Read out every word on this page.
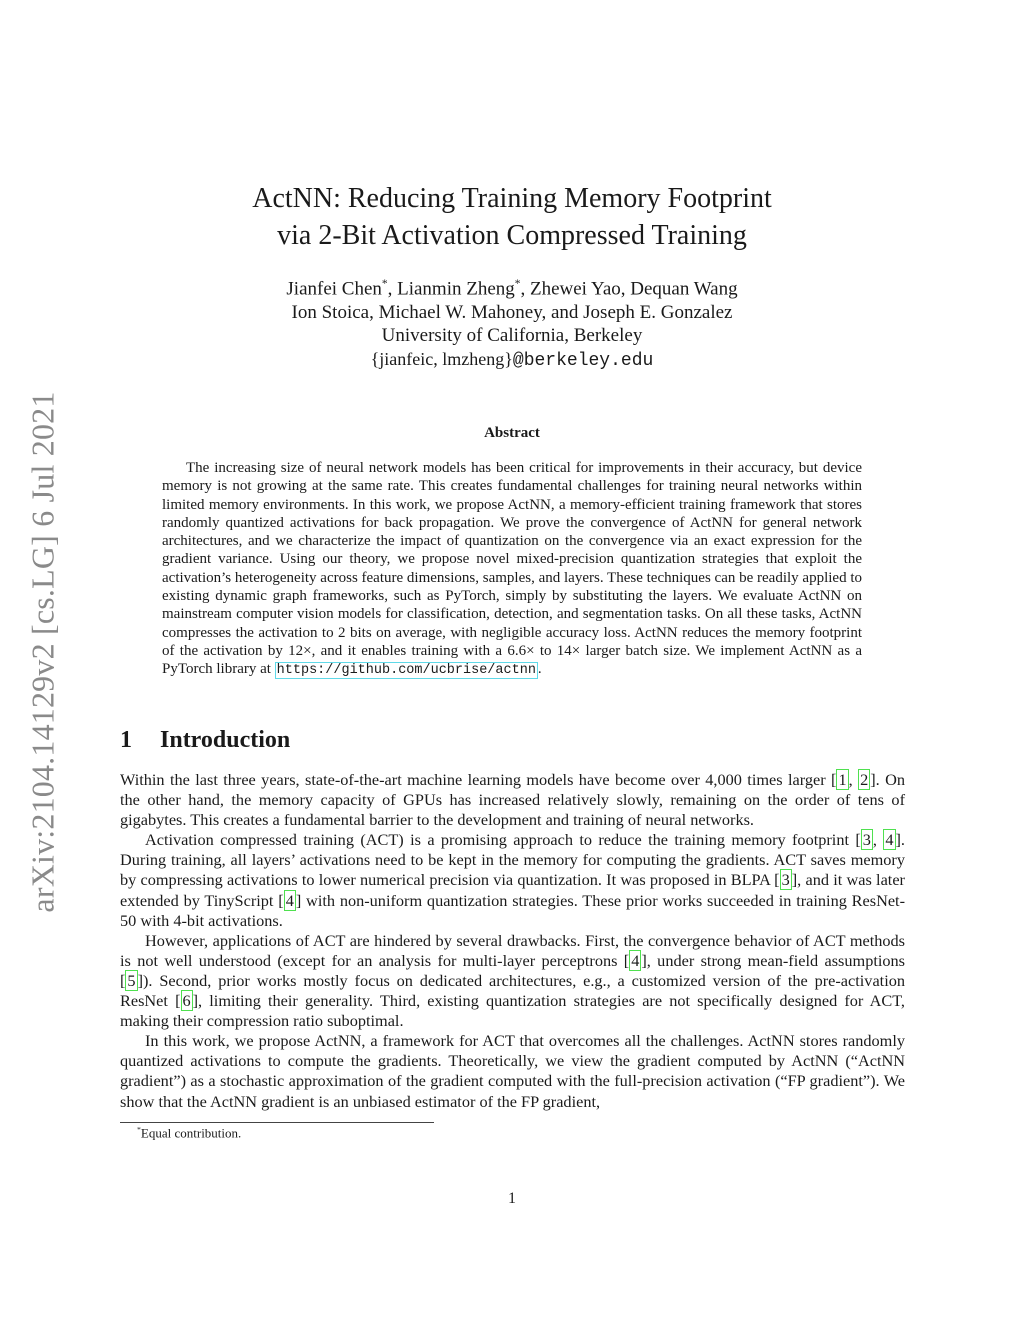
arXiv:2104.14129v2 [cs.LG] 6 Jul 2021
ActNN: Reducing Training Memory Footprint
via 2-Bit Activation Compressed Training
Jianfei Chen*, Lianmin Zheng*, Zhewei Yao, Dequan Wang
Ion Stoica, Michael W. Mahoney, and Joseph E. Gonzalez
University of California, Berkeley
{jianfeic, lmzheng}@berkeley.edu
Abstract
The increasing size of neural network models has been critical for improvements in their accuracy, but device memory is not growing at the same rate. This creates fundamental challenges for training neural networks within limited memory environments. In this work, we propose ActNN, a memory-efficient training framework that stores randomly quantized activations for back propagation. We prove the convergence of ActNN for general network architectures, and we characterize the impact of quantization on the convergence via an exact expression for the gradient variance. Using our theory, we propose novel mixed-precision quantization strategies that exploit the activation’s heterogeneity across feature dimensions, samples, and layers. These techniques can be readily applied to existing dynamic graph frameworks, such as PyTorch, simply by substituting the layers. We evaluate ActNN on mainstream computer vision models for classification, detection, and segmentation tasks. On all these tasks, ActNN compresses the activation to 2 bits on average, with negligible accuracy loss. ActNN reduces the memory footprint of the activation by 12×, and it enables training with a 6.6× to 14× larger batch size. We implement ActNN as a PyTorch library at https://github.com/ucbrise/actnn .
1 Introduction

Within the last three years, state-of-the-art machine learning models have become over 4,000 times larger [ 1 , 2 ]. On the other hand, the memory capacity of GPUs has increased relatively slowly, remaining on the order of tens of gigabytes. This creates a fundamental barrier to the development and training of neural networks.

Activation compressed training (ACT) is a promising approach to reduce the training memory footprint [ 3 , 4 ]. During training, all layers’ activations need to be kept in the memory for computing the gradients. ACT saves memory by compressing activations to lower numerical precision via quantization. It was proposed in BLPA [ 3 ], and it was later extended by TinyScript [ 4 ] with non-uniform quantization strategies. These prior works succeeded in training ResNet-50 with 4-bit activations.

However, applications of ACT are hindered by several drawbacks. First, the convergence behavior of ACT methods is not well understood (except for an analysis for multi-layer perceptrons [ 4 ], under strong mean-field assumptions [ 5 ]). Second, prior works mostly focus on dedicated architectures, e.g., a customized version of the pre-activation ResNet [ 6 ], limiting their generality. Third, existing quantization strategies are not specifically designed for ACT, making their compression ratio suboptimal.

In this work, we propose ActNN, a framework for ACT that overcomes all the challenges. ActNN stores randomly quantized activations to compute the gradients. Theoretically, we view the gradient computed by ActNN (“ActNN gradient”) as a stochastic approximation of the gradient computed with the full-precision activation (“FP gradient”). We show that the ActNN gradient is an unbiased estimator of the FP gradient,

*Equal contribution.
1
